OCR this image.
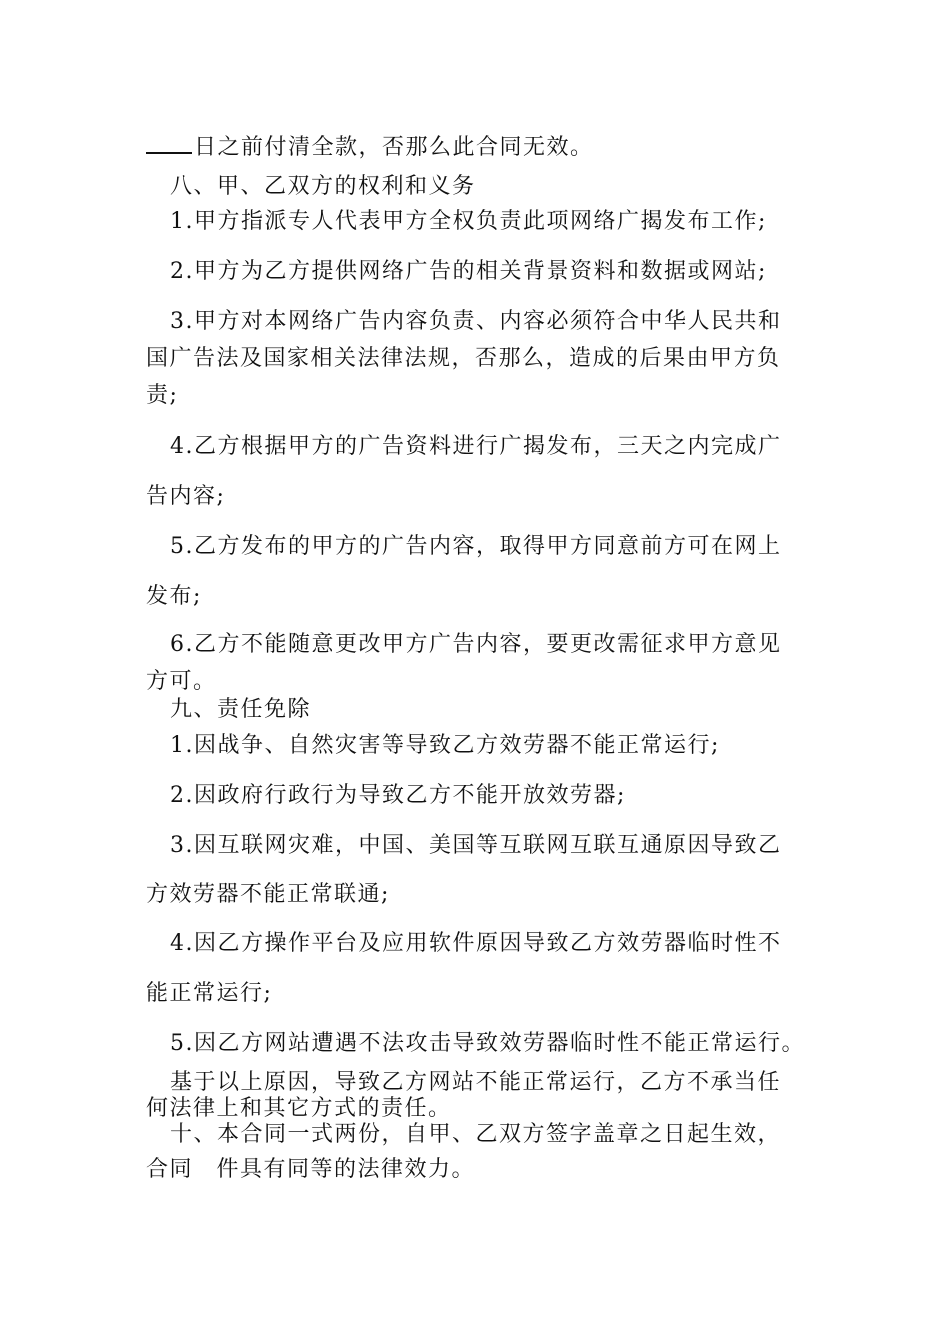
日之前付清全款，否那么此合同无效。
八、甲、乙双方的权利和义务
1.甲方指派专人代表甲方全权负责此项网络广揭发布工作;
2.甲方为乙方提供网络广告的相关背景资料和数据或网站;
3.甲方对本网络广告内容负责、内容必须符合中华人民共和
国广告法及国家相关法律法规，否那么，造成的后果由甲方负
责;
4.乙方根据甲方的广告资料进行广揭发布，三天之内完成广
告内容;
5.乙方发布的甲方的广告内容，取得甲方同意前方可在网上
发布;
6.乙方不能随意更改甲方广告内容，要更改需征求甲方意见
方可。
九、责任免除
1.因战争、自然灾害等导致乙方效劳器不能正常运行;
2.因政府行政行为导致乙方不能开放效劳器;
3.因互联网灾难，中国、美国等互联网互联互通原因导致乙
方效劳器不能正常联通;
4.因乙方操作平台及应用软件原因导致乙方效劳器临时性不
能正常运行;
5.因乙方网站遭遇不法攻击导致效劳器临时性不能正常运行。
基于以上原因，导致乙方网站不能正常运行，乙方不承当任
何法律上和其它方式的责任。
十、本合同一式两份，自甲、乙双方签字盖章之日起生效，
合同　件具有同等的法律效力。
